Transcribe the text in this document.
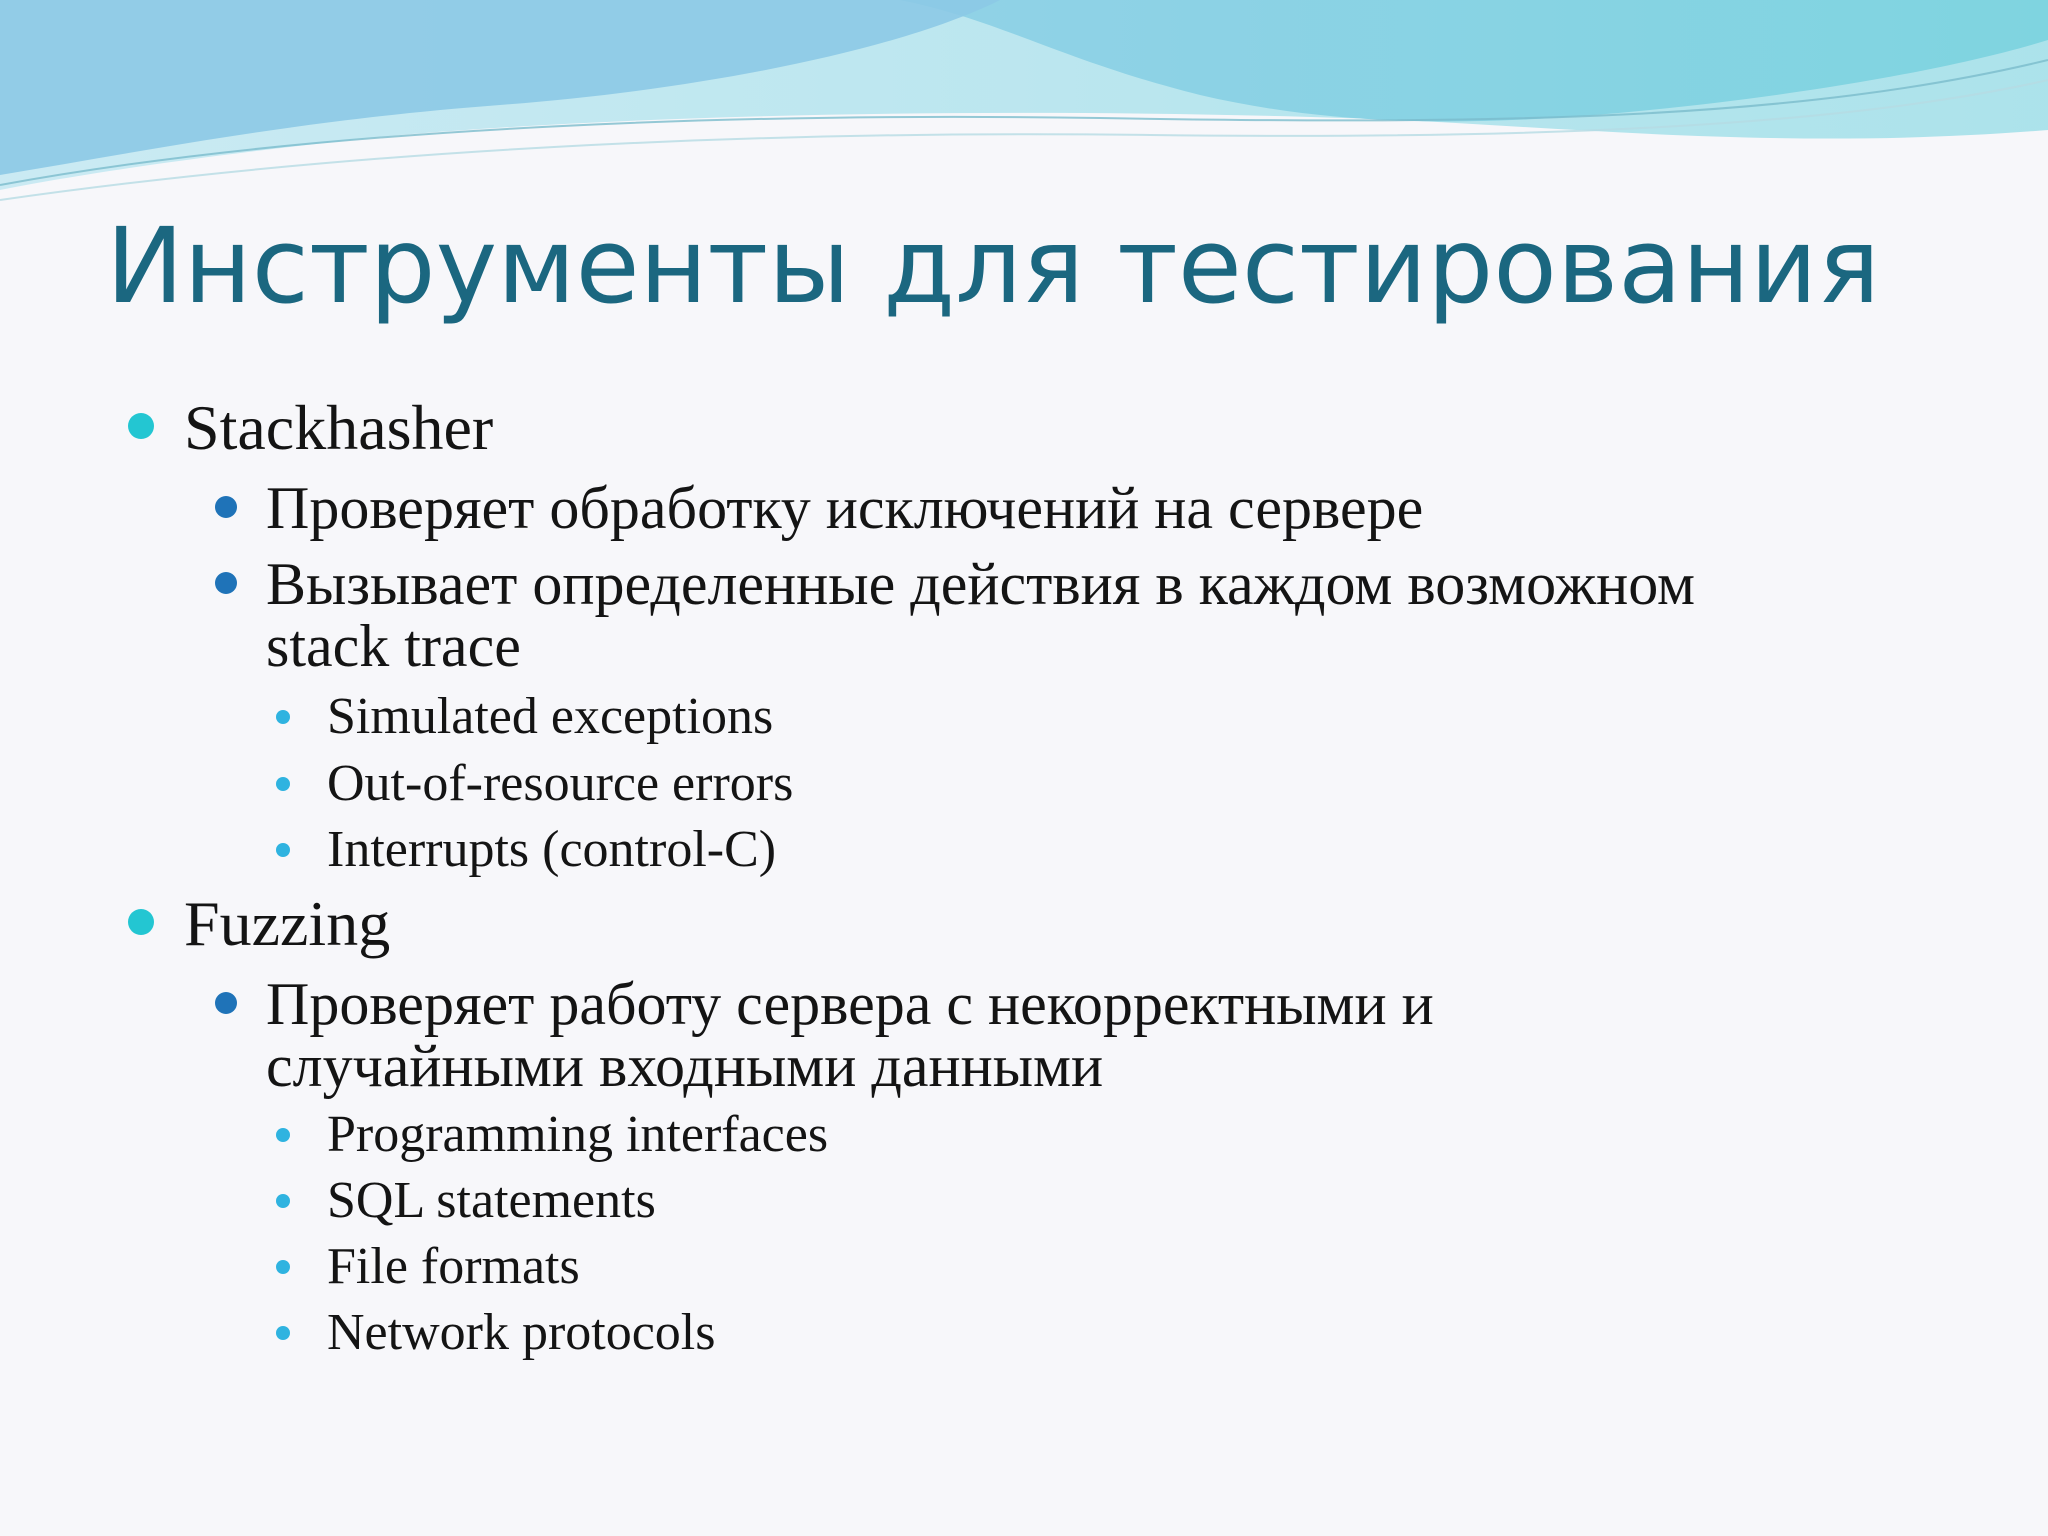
Инструменты для тестирования

Stackhasher

Проверяет обработку исключений на сервере

Вызывает определенные действия в каждом возможном

stack trace

Simulated exceptions

Out-of-resource errors

Interrupts (control-C)

Fuzzing

Проверяет работу сервера с некорректными и

случайными входными данными

Programming interfaces

SQL statements

File formats

Network protocols
